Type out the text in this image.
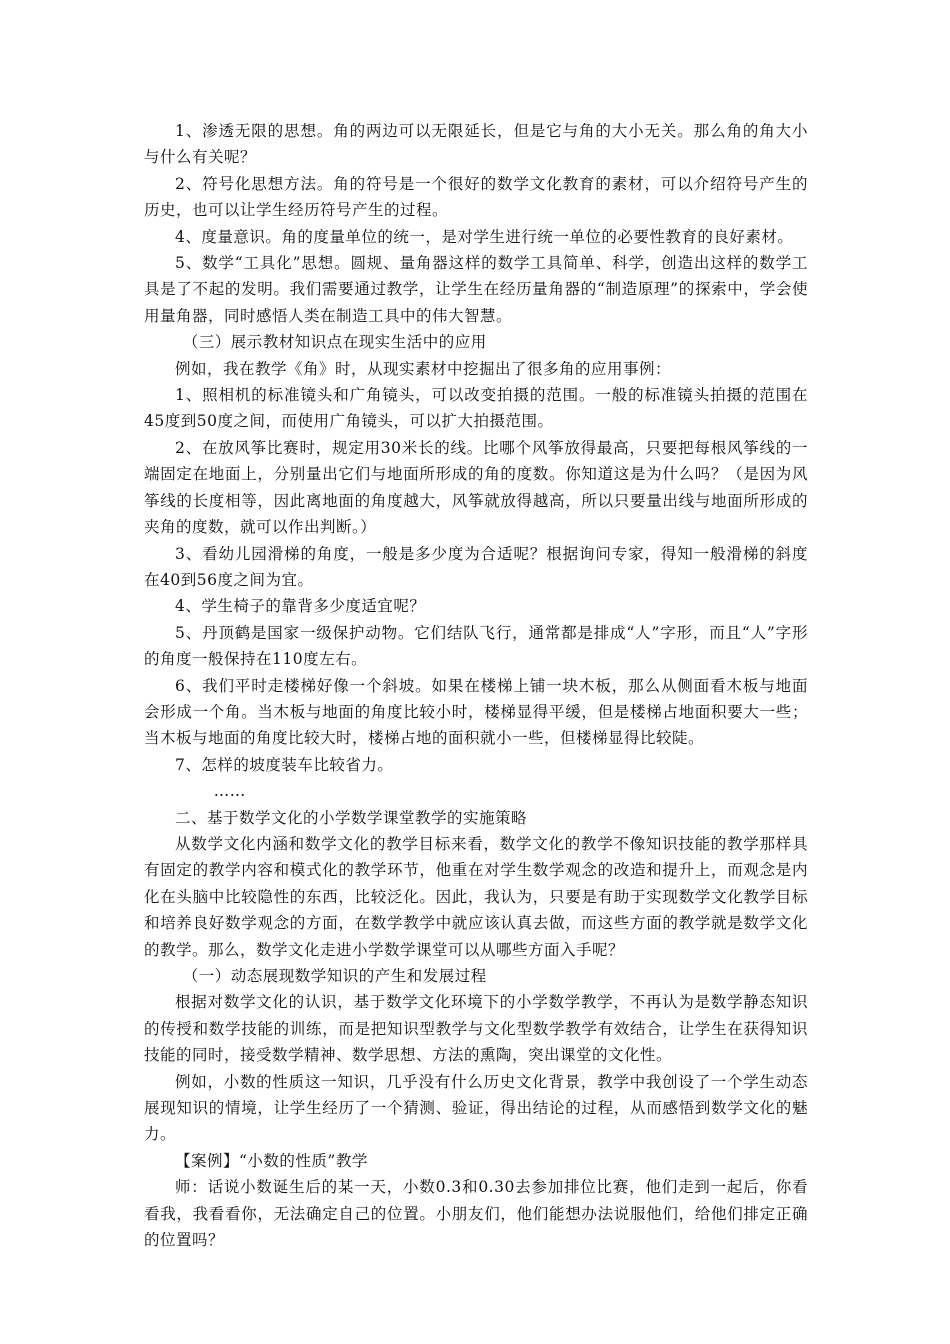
1、渗透无限的思想。角的两边可以无限延长，但是它与角的大小无关。那么角的角大小与什么有关呢？

2、符号化思想方法。角的符号是一个很好的数学文化教育的素材，可以介绍符号产生的历史，也可以让学生经历符号产生的过程。

4、度量意识。角的度量单位的统一，是对学生进行统一单位的必要性教育的良好素材。

5、数学“工具化”思想。圆规、量角器这样的数学工具简单、科学，创造出这样的数学工具是了不起的发明。我们需要通过教学，让学生在经历量角器的“制造原理”的探索中，学会使用量角器，同时感悟人类在制造工具中的伟大智慧。

（三）展示教材知识点在现实生活中的应用

例如，我在教学《角》时，从现实素材中挖掘出了很多角的应用事例：

1、照相机的标准镜头和广角镜头，可以改变拍摄的范围。一般的标准镜头拍摄的范围在45度到50度之间，而使用广角镜头，可以扩大拍摄范围。

2、在放风筝比赛时，规定用30米长的线。比哪个风筝放得最高，只要把每根风筝线的一端固定在地面上，分别量出它们与地面所形成的角的度数。你知道这是为什么吗？（是因为风筝线的长度相等，因此离地面的角度越大，风筝就放得越高，所以只要量出线与地面所形成的夹角的度数，就可以作出判断。）

3、看幼儿园滑梯的角度，一般是多少度为合适呢？根据询问专家，得知一般滑梯的斜度在40到56度之间为宜。

4、学生椅子的靠背多少度适宜呢？

5、丹顶鹤是国家一级保护动物。它们结队飞行，通常都是排成“人”字形，而且“人”字形的角度一般保持在110度左右。

6、我们平时走楼梯好像一个斜坡。如果在楼梯上铺一块木板，那么从侧面看木板与地面会形成一个角。当木板与地面的角度比较小时，楼梯显得平缓，但是楼梯占地面积要大一些；当木板与地面的角度比较大时，楼梯占地的面积就小一些，但楼梯显得比较陡。

7、怎样的坡度装车比较省力。

……

二、基于数学文化的小学数学课堂教学的实施策略

从数学文化内涵和数学文化的教学目标来看，数学文化的教学不像知识技能的教学那样具有固定的教学内容和模式化的教学环节，他重在对学生数学观念的改造和提升上，而观念是内化在头脑中比较隐性的东西，比较泛化。因此，我认为，只要是有助于实现数学文化教学目标和培养良好数学观念的方面，在数学教学中就应该认真去做，而这些方面的教学就是数学文化的教学。那么，数学文化走进小学数学课堂可以从哪些方面入手呢？

（一）动态展现数学知识的产生和发展过程

根据对数学文化的认识，基于数学文化环境下的小学数学教学，不再认为是数学静态知识的传授和数学技能的训练，而是把知识型教学与文化型数学教学有效结合，让学生在获得知识技能的同时，接受数学精神、数学思想、方法的熏陶，突出课堂的文化性。

例如，小数的性质这一知识，几乎没有什么历史文化背景，教学中我创设了一个学生动态展现知识的情境，让学生经历了一个猜测、验证，得出结论的过程，从而感悟到数学文化的魅力。

【案例】“小数的性质”教学

师：话说小数诞生后的某一天，小数0.3和0.30去参加排位比赛，他们走到一起后，你看看我，我看看你，无法确定自己的位置。小朋友们，他们能想办法说服他们，给他们排定正确的位置吗？
